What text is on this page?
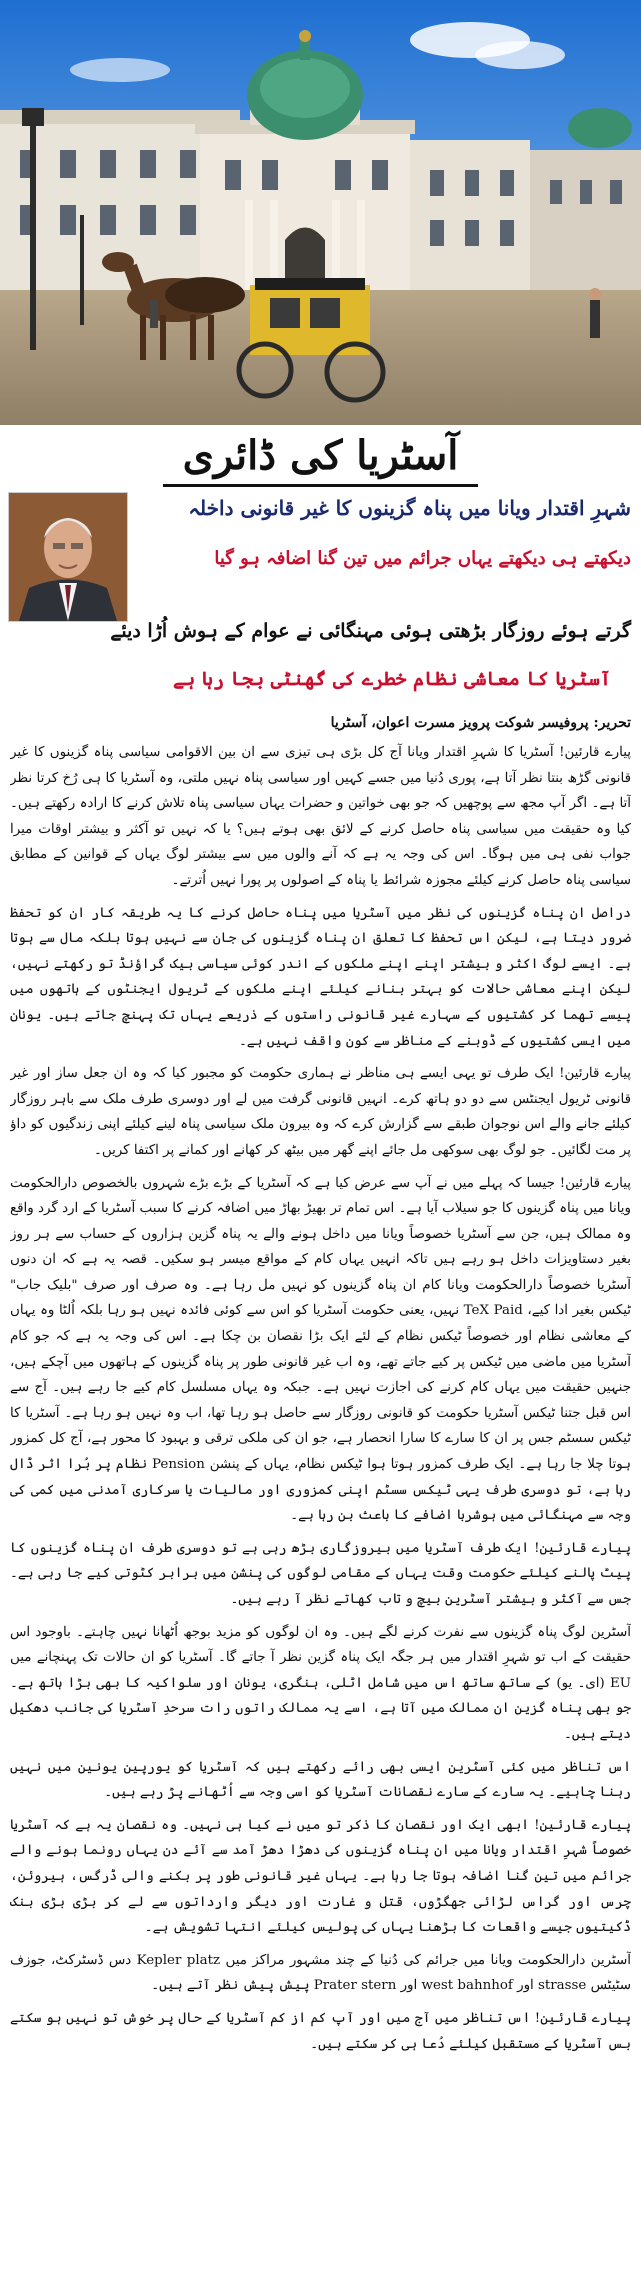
آسٹریا کی ڈائری
شہرِ اقتدار ویانا میں پناہ گزینوں کا غیر قانونی داخلہ
دیکھتے ہی دیکھتے یہاں جرائم میں تین گنا اضافہ ہو گیا
گرتے ہوئے روزگار بڑھتی ہوئی مہنگائی نے عوام کے ہوش اُڑا دیئے
آسٹریا کا معاشی نظام خطرے کی گھنٹی بجا رہا ہے
تحریر: پروفیسر شوکت پرویز مسرت اعوان، آسٹریا

پیارے قارئین! آسٹریا کا شہرِ اقتدار ویانا آج کل بڑی ہی تیزی سے ان بین الاقوامی سیاسی پناہ گزینوں کا غیر قانونی گڑھ بنتا نظر آتا ہے، پوری دُنیا میں جسے کہیں اور سیاسی پناہ نہیں ملتی، وہ آسٹریا کا ہی رُخ کرتا نظر آتا ہے۔ اگر آپ مجھ سے پوچھیں کہ جو بھی خواتین و حضرات یہاں سیاسی پناہ تلاش کرنے کا ارادہ رکھتے ہیں۔ کیا وہ حقیقت میں سیاسی پناہ حاصل کرنے کے لائق بھی ہوتے ہیں؟ یا کہ نہیں تو آکثر و بیشتر اوقات میرا جواب نفی ہی میں ہوگا۔ اس کی وجہ یہ ہے کہ آنے والوں میں سے بیشتر لوگ یہاں کے قوانین کے مطابق سیاسی پناہ حاصل کرنے کیلئے مجوزہ شرائط یا پناہ کے اصولوں پر پورا نہیں اُترتے۔

دراصل ان پناہ گزینوں کی نظر میں آسٹریا میں پناہ حاصل کرنے کا یہ طریقہ کار ان کو تحفظ ضرور دیتا ہے، لیکن اس تحفظ کا تعلق ان پناہ گزینوں کی جان سے نہیں ہوتا بلکہ مال سے ہوتا ہے۔ ایسے لوگ اکثر و بیشتر اپنے اپنے ملکوں کے اندر کوئی سیاسی بیک گراؤنڈ تو رکھتے نہیں، لیکن اپنے معاشی حالات کو بہتر بنانے کیلئے اپنے ملکوں کے ٹریول ایجنٹوں کے ہاتھوں میں پیسے تھما کر کشتیوں کے سہارے غیر قانونی راستوں کے ذریعے یہاں تک پہنچ جاتے ہیں۔ یونان میں ایسی کشتیوں کے ڈوبنے کے مناظر سے کون واقف نہیں ہے۔

پیارے قارئین! ایک طرف تو یہی ایسے ہی مناظر نے ہماری حکومت کو مجبور کیا کہ وہ ان جعل ساز اور غیر قانونی ٹریول ایجنٹس سے دو دو ہاتھ کرے۔ انہیں قانونی گرفت میں لے اور دوسری طرف ملک سے باہر روزگار کیلئے جانے والے اس نوجوان طبقے سے گزارش کرے کہ وہ بیرون ملک سیاسی پناہ لینے کیلئے اپنی زندگیوں کو داؤ پر مت لگائیں۔ جو لوگ بھی سوکھی مل جائے اپنے گھر میں بیٹھ کر کھانے اور کمانے پر اکتفا کریں۔

پیارے قارئین! جیسا کہ پہلے میں نے آپ سے عرض کیا ہے کہ آسٹریا کے بڑے بڑے شہروں بالخصوص دارالحکومت ویانا میں پناہ گزینوں کا جو سیلاب آیا ہے۔ اس تمام تر بھیڑ بھاڑ میں اضافہ کرنے کا سبب آسٹریا کے ارد گرد واقع وہ ممالک ہیں، جن سے آسٹریا خصوصاً ویانا میں داخل ہونے والے یہ پناہ گزین ہزاروں کے حساب سے ہر روز بغیر دستاویزات داخل ہو رہے ہیں تاکہ انہیں یہاں کام کے مواقع میسر ہو سکیں۔ قصہ یہ ہے کہ ان دنوں آسٹریا خصوصاً دارالحکومت ویانا کام ان پناہ گزینوں کو نہیں مل رہا ہے۔ وہ صرف اور صرف "بلیک جاب" ٹیکس بغیر ادا کیے، TeX Paid نہیں، یعنی حکومت آسٹریا کو اس سے کوئی فائدہ نہیں ہو رہا بلکہ اُلٹا وہ یہاں کے معاشی نظام اور خصوصاً ٹیکس نظام کے لئے ایک بڑا نقصان بن چکا ہے۔ اس کی وجہ یہ ہے کہ جو کام آسٹریا میں ماضی میں ٹیکس پر کیے جاتے تھے، وہ اب غیر قانونی طور پر پناہ گزینوں کے ہاتھوں میں آچکے ہیں، جنہیں حقیقت میں یہاں کام کرنے کی اجازت نہیں ہے۔ جبکہ وہ یہاں مسلسل کام کیے جا رہے ہیں۔ آج سے اس قبل جتنا ٹیکس آسٹریا حکومت کو قانونی روزگار سے حاصل ہو رہا تھا، اب وہ نہیں ہو رہا ہے۔ آسٹریا کا ٹیکس سسٹم جس پر ان کا سارے کا سارا انحصار ہے، جو ان کی ملکی ترقی و بہبود کا محور ہے، آج کل کمزور ہوتا چلا جا رہا ہے۔ ایک طرف کمزور ہوتا ہوا ٹیکس نظام، یہاں کے پنشن Pension نظام پر بُرا اثر ڈال رہا ہے، تو دوسری طرف یہی ٹیکس سسٹم اپنی کمزوری اور مالیات یا سرکاری آمدنی میں کمی کی وجہ سے مہنگائی میں ہوشربا اضافے کا باعث بن رہا ہے۔

پیارے قارئین! ایک طرف آسٹریا میں بیروزگاری بڑھ رہی ہے تو دوسری طرف ان پناہ گزینوں کا پیٹ پالنے کیلئے حکومت وقت یہاں کے مقامی لوگوں کی پنشن میں برابر کٹوتی کیے جا رہی ہے۔ جس سے آکثر و بیشتر آسٹرین بیچ و تاب کھاتے نظر آ رہے ہیں۔

آسٹرین لوگ پناہ گزینوں سے نفرت کرنے لگے ہیں۔ وہ ان لوگوں کو مزید بوجھ اُٹھانا نہیں چاہتے۔ باوجود اس حقیقت کے اب تو شہرِ اقتدار میں ہر جگہ ایک پناہ گزین نظر آ جاتے گا۔ آسٹریا کو ان حالات تک پہنچانے میں EU (ای۔ یو) کے ساتھ ساتھ اس میں شامل اٹلی، ہنگری، یونان اور سلواکیہ کا بھی بڑا ہاتھ ہے۔ جو بھی پناہ گزین ان ممالک میں آتا ہے، اسے یہ ممالک راتوں رات سرحدِ آسٹریا کی جانب دھکیل دیتے ہیں۔

اس تناظر میں کئی آسٹرین ایسی بھی رائے رکھتے ہیں کہ آسٹریا کو یورپین یونین میں نہیں رہنا چاہیے۔ یہ سارے کے سارے نقصانات آسٹریا کو اسی وجہ سے اُٹھانے پڑ رہے ہیں۔

پیارے قارئین! ابھی ایک اور نقصان کا ذکر تو میں نے کیا ہی نہیں۔ وہ نقصان یہ ہے کہ آسٹریا خصوصاً شہرِ اقتدار ویانا میں ان پناہ گزینوں کی دھڑا دھڑ آمد سے آئے دن یہاں رونما ہونے والے جرائم میں تین گنا اضافہ ہوتا جا رہا ہے۔ یہاں غیر قانونی طور پر بکنے والی ڈرگس، ہیروئن، چرس اور گراس لڑائی جھگڑوں، قتل و غارت اور دیگر وارداتوں سے لے کر بڑی بڑی بنک ڈکیتیوں جیسے واقعات کا بڑھنا یہاں کی پولیس کیلئے انتہا تشویش ہے۔

آسٹرین دارالحکومت ویانا میں جرائم کی دُنیا کے چند مشہور مراکز میں Kepler platz دس ڈسٹرکٹ، جوزف سٹیٹس strasse اور west bahnhof اور Prater stern پیش پیش نظر آتے ہیں۔

پیارے قارئین! اس تناظر میں آج میں اور آپ کم از کم آسٹریا کے حال پر خوش تو نہیں ہو سکتے بس آسٹریا کے مستقبل کیلئے دُعا ہی کر سکتے ہیں۔
